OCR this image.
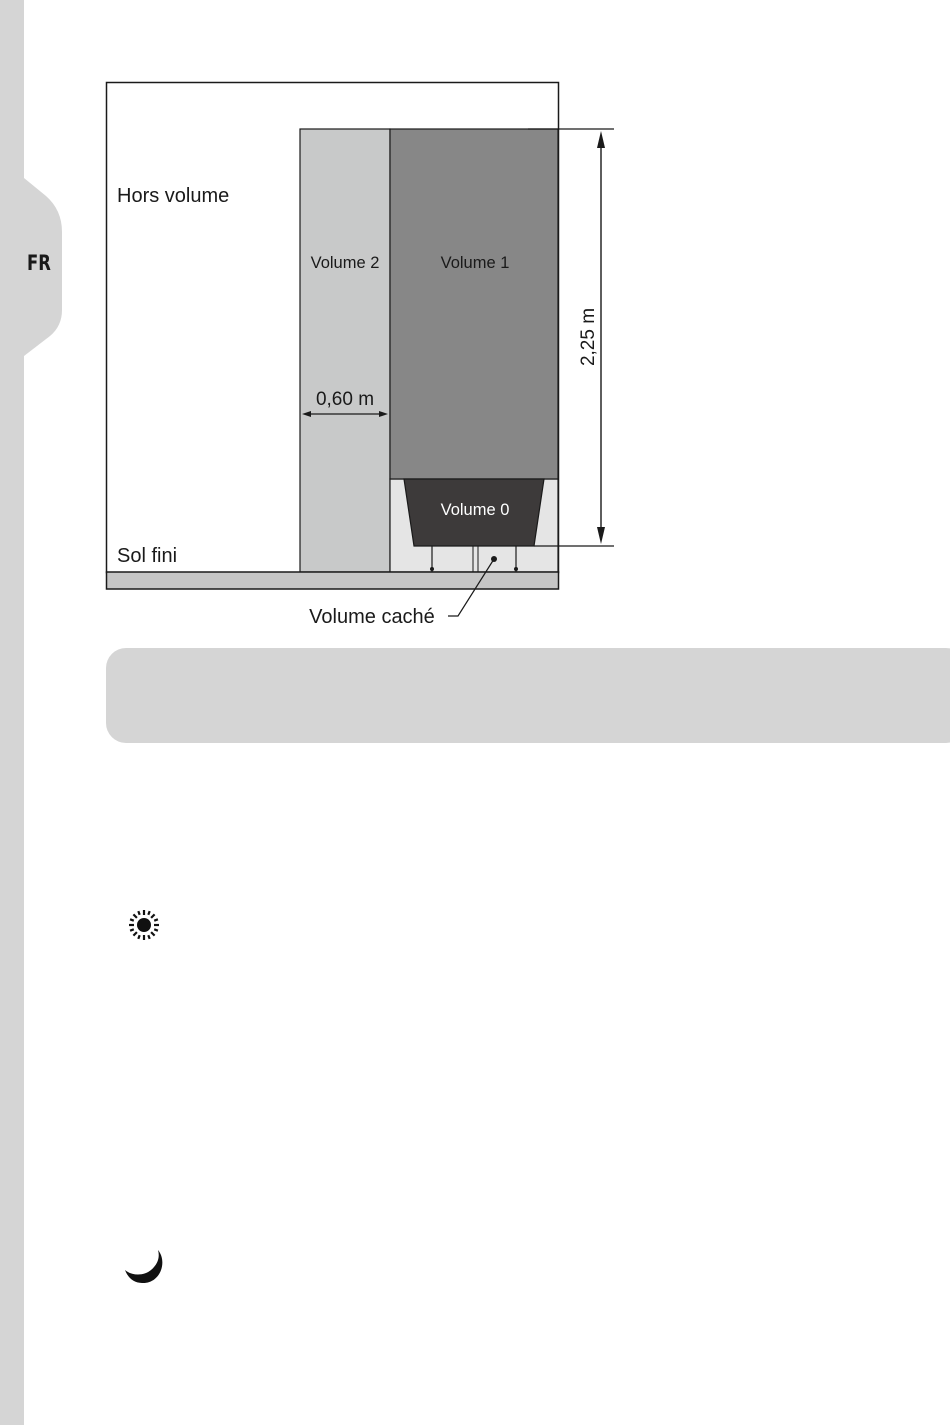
FR
Hors volume
Volume 2	Volume 1
Volume 0
0,60 m
Sol fini
Volume caché
2,25 m
